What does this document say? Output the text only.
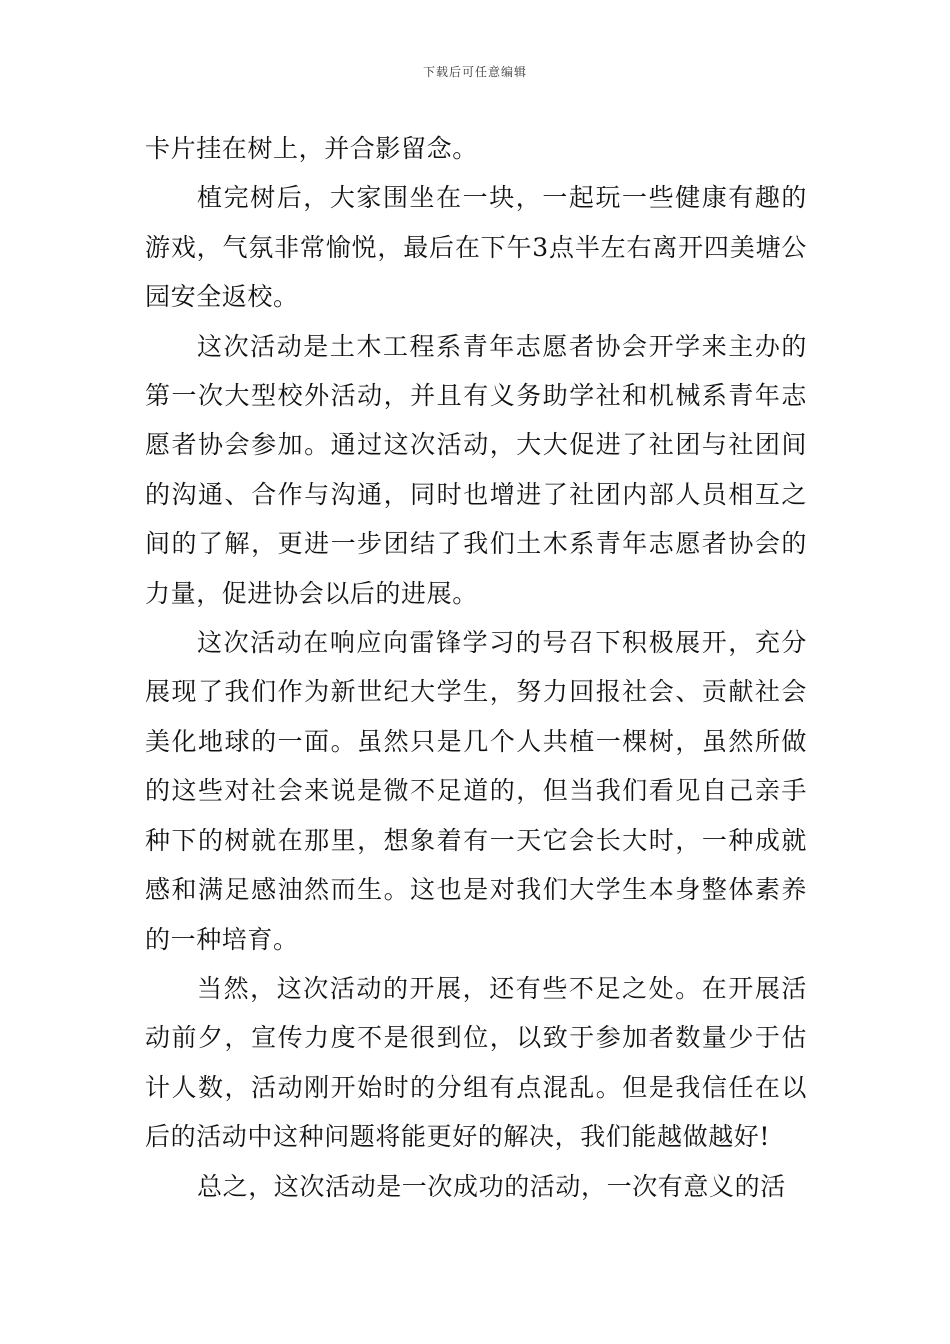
下载后可任意编辑

卡片挂在树上，并合影留念。

植完树后，大家围坐在一块，一起玩一些健康有趣的游戏，气氛非常愉悦，最后在下午3点半左右离开四美塘公园安全返校。

这次活动是土木工程系青年志愿者协会开学来主办的第一次大型校外活动，并且有义务助学社和机械系青年志愿者协会参加。通过这次活动，大大促进了社团与社团间的沟通、合作与沟通，同时也增进了社团内部人员相互之间的了解，更进一步团结了我们土木系青年志愿者协会的力量，促进协会以后的进展。

这次活动在响应向雷锋学习的号召下积极展开，充分展现了我们作为新世纪大学生，努力回报社会、贡献社会美化地球的一面。虽然只是几个人共植一棵树，虽然所做的这些对社会来说是微不足道的，但当我们看见自己亲手种下的树就在那里，想象着有一天它会长大时，一种成就感和满足感油然而生。这也是对我们大学生本身整体素养的一种培育。

当然，这次活动的开展，还有些不足之处。在开展活动前夕，宣传力度不是很到位，以致于参加者数量少于估计人数，活动刚开始时的分组有点混乱。但是我信任在以后的活动中这种问题将能更好的解决，我们能越做越好!

总之，这次活动是一次成功的活动，一次有意义的活
